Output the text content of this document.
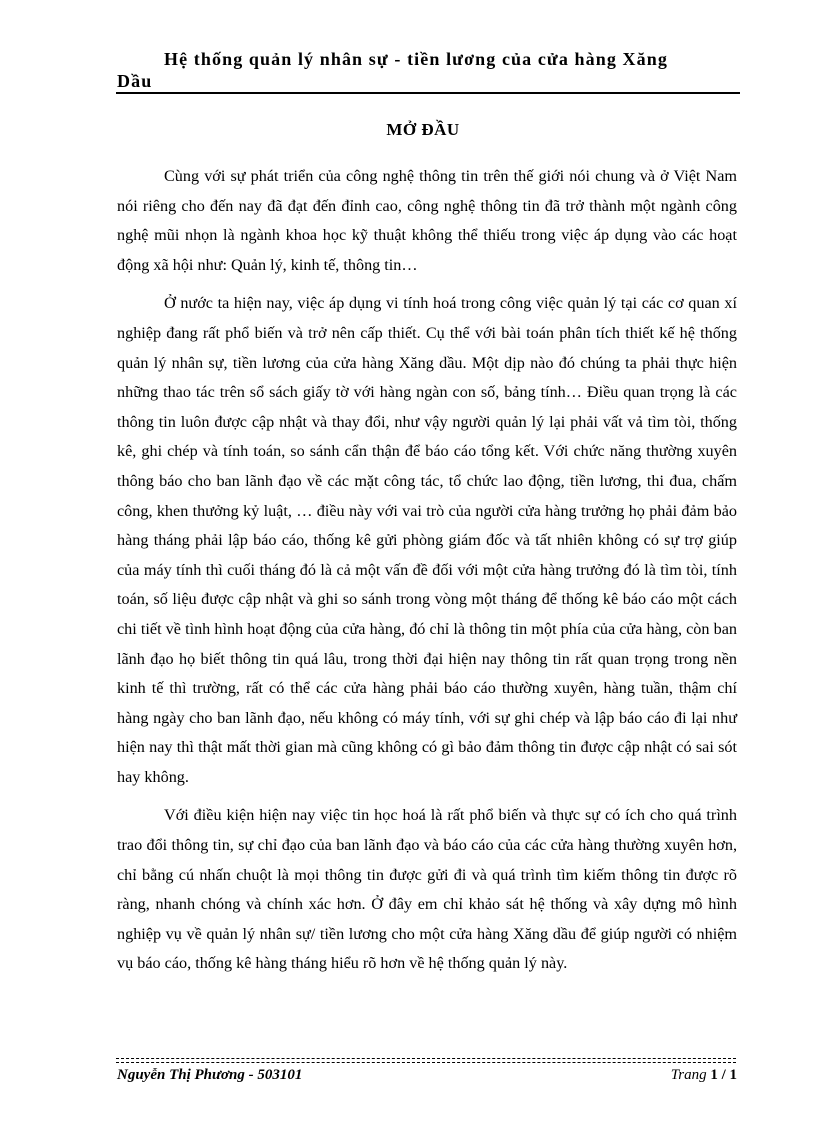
Hệ thống quản lý nhân sự - tiền lương của cửa hàng Xăng
Dầu
MỞ ĐẦU

Cùng với sự phát triển của công nghệ thông tin trên thế giới nói chung và ở Việt Nam nói riêng cho đến nay đã đạt đến đỉnh cao, công nghệ thông tin đã trở thành một ngành công nghệ mũi nhọn là ngành khoa học kỹ thuật không thể thiếu trong việc áp dụng vào các hoạt động xã hội như: Quản lý, kinh tế, thông tin…

Ở nước ta hiện nay, việc áp dụng vi tính hoá trong công việc quản lý tại các cơ quan xí nghiệp đang rất phổ biến và trở nên cấp thiết. Cụ thể với bài toán phân tích thiết kế hệ thống quản lý nhân sự, tiền lương của cửa hàng Xăng dầu. Một dịp nào đó chúng ta phải thực hiện những thao tác trên sổ sách giấy tờ với hàng ngàn con số, bảng tính… Điều quan trọng là các thông tin luôn được cập nhật và thay đổi, như vậy người quản lý lại phải vất vả tìm tòi, thống kê, ghi chép và tính toán, so sánh cẩn thận để báo cáo tổng kết. Với chức năng thường xuyên thông báo cho ban lãnh đạo về các mặt công tác, tổ chức lao động, tiền lương, thi đua, chấm công, khen thưởng kỷ luật, … điều này với vai trò của người cửa hàng trưởng họ phải đảm bảo hàng tháng phải lập báo cáo, thống kê gửi phòng giám đốc và tất nhiên không có sự trợ giúp của máy tính thì cuối tháng đó là cả một vấn đề đối với một cửa hàng trưởng đó là tìm tòi, tính toán, số liệu được cập nhật và ghi so sánh trong vòng một tháng để thống kê báo cáo một cách chi tiết về tình hình hoạt động của cửa hàng, đó chỉ là thông tin một phía của cửa hàng, còn ban lãnh đạo họ biết thông tin quá lâu, trong thời đại hiện nay thông tin rất quan trọng trong nền kinh tế thì trường, rất có thể các cửa hàng phải báo cáo thường xuyên, hàng tuần, thậm chí hàng ngày cho ban lãnh đạo, nếu không có máy tính, với sự ghi chép và lập báo cáo đi lại như hiện nay thì thật mất thời gian mà cũng không có gì bảo đảm thông tin được cập nhật có sai sót hay không.

Với điều kiện hiện nay việc tin học hoá là rất phổ biến và thực sự có ích cho quá trình trao đổi thông tin, sự chỉ đạo của ban lãnh đạo và báo cáo của các cửa hàng thường xuyên hơn, chỉ bằng cú nhấn chuột là mọi thông tin được gửi đi và quá trình tìm kiếm thông tin được rõ ràng, nhanh chóng và chính xác hơn. Ở đây em chỉ khảo sát hệ thống và xây dựng mô hình nghiệp vụ về quản lý nhân sự/ tiền lương cho một cửa hàng Xăng dầu để giúp người có nhiệm vụ báo cáo, thống kê hàng tháng hiểu rõ hơn về hệ thống quản lý này.

Nguyễn Thị Phương - 503101	Trang 1 / 1
